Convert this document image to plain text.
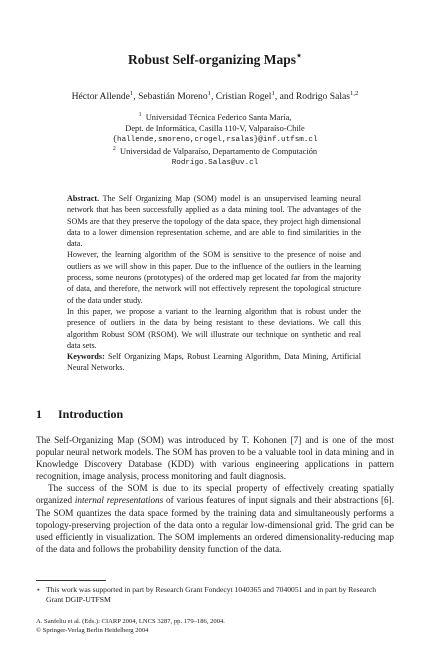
Robust Self-organizing Maps⋆
Héctor Allende$^1$, Sebastián Moreno$^1$, Cristian Rogel$^1$, and Rodrigo Salas$^{1,2}$
$^1$ Universidad Técnica Federico Santa María,
Dept. de Informática, Casilla 110-V, Valparaíso-Chile
{hallende,smoreno,crogel,rsalas}@inf.utfsm.cl
$^2$ Universidad de Valparaíso, Departamento de Computación
Rodrigo.Salas@uv.cl

Abstract. The Self Organizing Map (SOM) model is an unsupervised learning neural network that has been successfully applied as a data mining tool. The advantages of the SOMs are that they preserve the topology of the data space, they project high dimensional data to a lower dimension representation scheme, and are able to find similarities in the data.

However, the learning algorithm of the SOM is sensitive to the presence of noise and outliers as we will show in this paper. Due to the influence of the outliers in the learning process, some neurons (prototypes) of the ordered map get located far from the majority of data, and therefore, the network will not effectively represent the topological structure of the data under study.

In this paper, we propose a variant to the learning algorithm that is robust under the presence of outliers in the data by being resistant to these deviations. We call this algorithm Robust SOM (RSOM). We will illustrate our technique on synthetic and real data sets.

Keywords: Self Organizing Maps, Robust Learning Algorithm, Data Mining, Artificial Neural Networks.

1 Introduction

The Self-Organizing Map (SOM) was introduced by T. Kohonen [7] and is one of the most popular neural network models. The SOM has proven to be a valuable tool in data mining and in Knowledge Discovery Database (KDD) with various engineering applications in pattern recognition, image analysis, process monitoring and fault diagnosis.

The success of the SOM is due to its special property of effectively creating spatially organized internal representations of various features of input signals and their abstractions [6]. The SOM quantizes the data space formed by the training data and simultaneously performs a topology-preserving projection of the data onto a regular low-dimensional grid. The grid can be used efficiently in visualization. The SOM implements an ordered dimensionality-reducing map of the data and follows the probability density function of the data.

⋆ This work was supported in part by Research Grant Fondecyt 1040365 and 7040051 and in part by Research Grant DGIP-UTFSM
A. Sanfeliu et al. (Eds.): CIARP 2004, LNCS 3287, pp. 179–186, 2004.
© Springer-Verlag Berlin Heidelberg 2004
